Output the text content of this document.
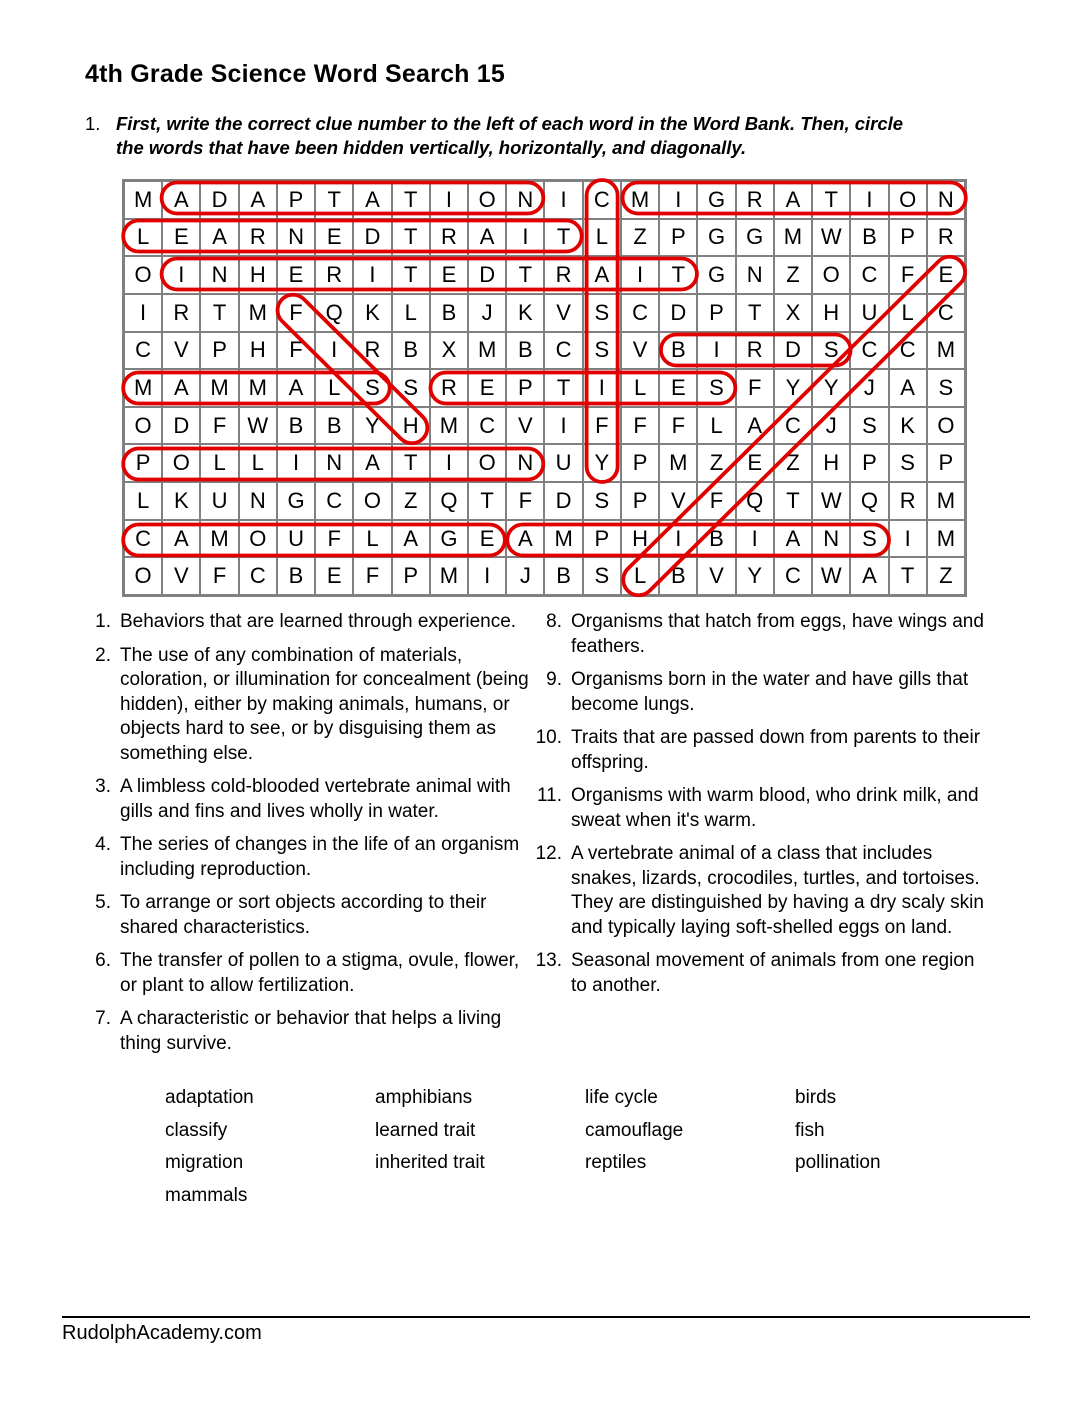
4th Grade Science Word Search 15
1. First, write the correct clue number to the left of each word in the Word Bank. Then, circle the words that have been hidden vertically, horizontally, and diagonally.
M A	D	A	P	T	A	T	I	O N	I	C M	I	G R	A	T	I	O N
L	E	A	R	N	E	D	T	R	A	I	T	L	Z	P	G G M W B	P	R
O	I	N	H	E	R	I	T	E	D	T	R	A	I	T	G N	Z	O C	F	E
I	R	T	M	F	Q	K	L	B	J	K	V	S	C	D	P	T	X	H	U	L	C
C	V	P	H	F	I	R	B	X M B	C	S	V	B	I	R	D	S	C	C M
M A M M A	L	S	S	R	E	P	T	I	L	E	S	F	Y	Y	J	A	S
O D	F W B	B	Y	H M C	V	I	F	F	F	L	A	C	J	S	K	O
P	O	L	L	I	N	A	T	I	O N	U	Y	P M	Z	E	Z	H	P	S	P
L	K	U	N G C O	Z	Q	T	F	D	S	P	V	F	Q	T W Q R M
C	A M O U	F	L	A	G	E	A M P	H	I	B	I	A	N	S	I	M
O	V	F	C	B	E	F	P M	I	J	B	S	L	B	V	Y	C W A	T	Z
1. Behaviors that are learned through experience.
2. The use of any combination of materials, coloration, or illumination for concealment (being hidden), either by making animals, humans, or objects hard to see, or by disguising them as something else.
3. A limbless cold-blooded vertebrate animal with gills and fins and lives wholly in water.
4. The series of changes in the life of an organism including reproduction.
5. To arrange or sort objects according to their shared characteristics.
6. The transfer of pollen to a stigma, ovule, flower, or plant to allow fertilization.
7. A characteristic or behavior that helps a living thing survive.
8. Organisms that hatch from eggs, have wings and feathers.
9. Organisms born in the water and have gills that become lungs.
10. Traits that are passed down from parents to their offspring.
11. Organisms with warm blood, who drink milk, and sweat when it's warm.
12. A vertebrate animal of a class that includes snakes, lizards, crocodiles, turtles, and tortoises. They are distinguished by having a dry scaly skin and typically laying soft-shelled eggs on land.
13. Seasonal movement of animals from one region to another.
adaptation
classify
migration
mammals
amphibians
learned trait
inherited trait
life cycle
camouflage
reptiles
birds
fish
pollination
RudolphAcademy.com
